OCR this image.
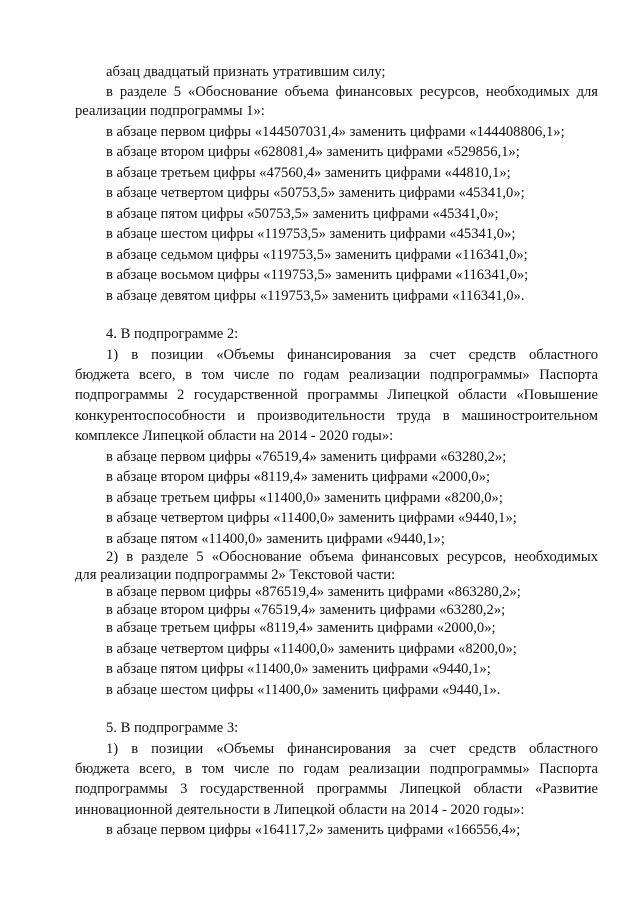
абзац двадцатый признать утратившим силу;
в разделе 5 «Обоснование объема финансовых ресурсов, необходимых для
реализации подпрограммы 1»:
в абзаце первом цифры «144507031,4» заменить цифрами «144408806,1»;
в абзаце втором цифры «628081,4» заменить цифрами «529856,1»;
в абзаце третьем цифры «47560,4» заменить цифрами «44810,1»;
в абзаце четвертом цифры «50753,5» заменить цифрами «45341,0»;
в абзаце пятом цифры «50753,5» заменить цифрами «45341,0»;
в абзаце шестом цифры «119753,5» заменить цифрами «45341,0»;
в абзаце седьмом цифры «119753,5» заменить цифрами «116341,0»;
в абзаце восьмом цифры «119753,5» заменить цифрами «116341,0»;
в абзаце девятом цифры «119753,5» заменить цифрами «116341,0».
4. В подпрограмме 2:
1) в позиции «Объемы финансирования за счет средств областного
бюджета всего, в том числе по годам реализации подпрограммы» Паспорта
подпрограммы 2 государственной программы Липецкой области «Повышение
конкурентоспособности и производительности труда в машиностроительном
комплексе Липецкой области на 2014 - 2020 годы»:
в абзаце первом цифры «76519,4» заменить цифрами «63280,2»;
в абзаце втором цифры «8119,4» заменить цифрами «2000,0»;
в абзаце третьем цифры «11400,0» заменить цифрами «8200,0»;
в абзаце четвертом цифры «11400,0» заменить цифрами «9440,1»;
в абзаце пятом «11400,0» заменить цифрами «9440,1»;
2) в разделе 5 «Обоснование объема финансовых ресурсов, необходимых
для реализации подпрограммы 2» Текстовой части:
в абзаце первом цифры «876519,4» заменить цифрами «863280,2»;
в абзаце втором цифры «76519,4» заменить цифрами «63280,2»;
в абзаце третьем цифры «8119,4» заменить цифрами «2000,0»;
в абзаце четвертом цифры «11400,0» заменить цифрами «8200,0»;
в абзаце пятом цифры «11400,0» заменить цифрами «9440,1»;
в абзаце шестом цифры «11400,0» заменить цифрами «9440,1».
5. В подпрограмме 3:
1) в позиции «Объемы финансирования за счет средств областного
бюджета всего, в том числе по годам реализации подпрограммы» Паспорта
подпрограммы 3 государственной программы Липецкой области «Развитие
инновационной деятельности в Липецкой области на 2014 - 2020 годы»:
в абзаце первом цифры «164117,2» заменить цифрами «166556,4»;
